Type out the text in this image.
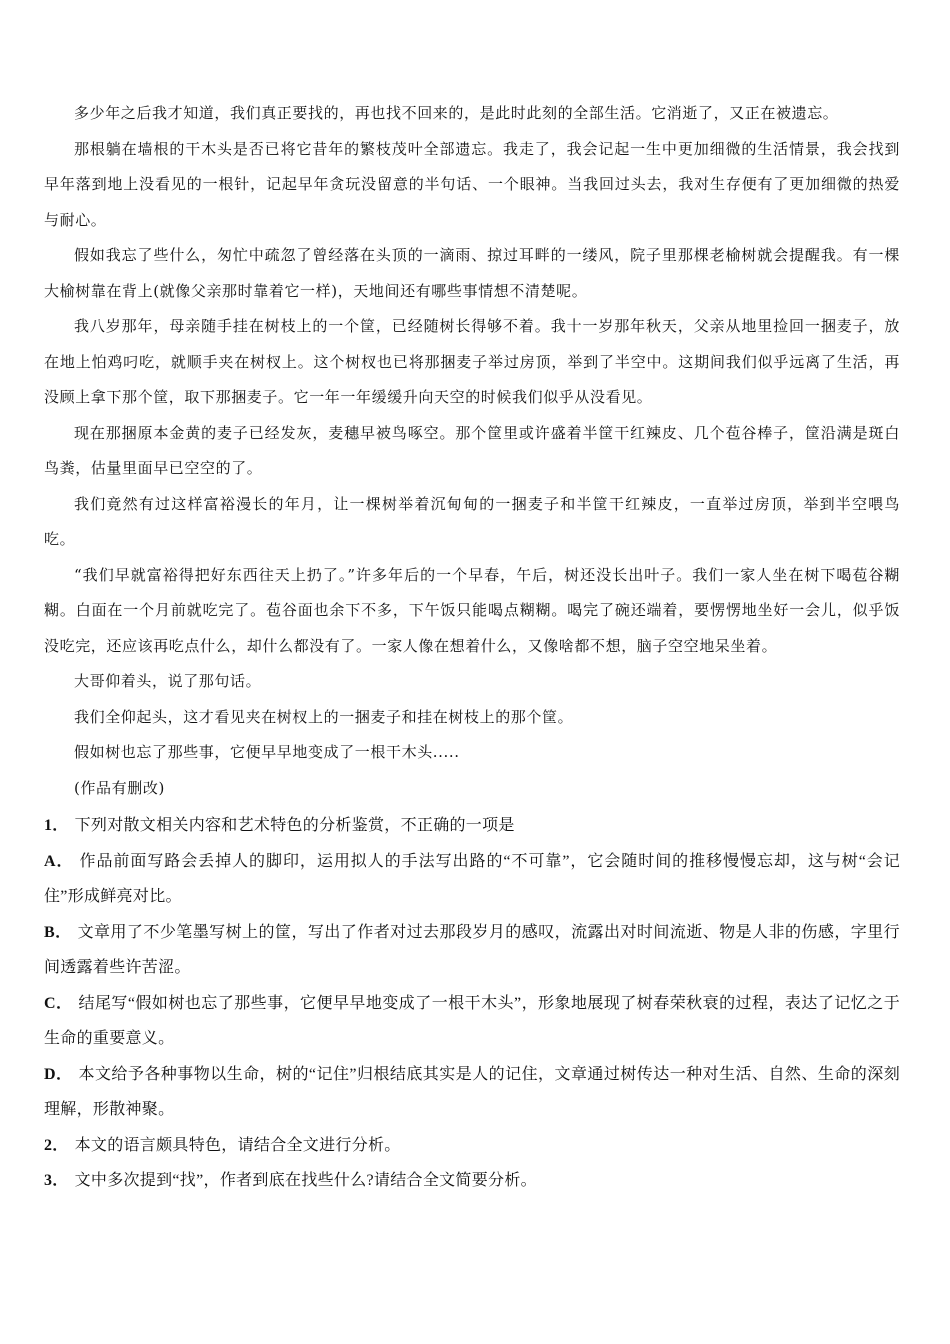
多少年之后我才知道，我们真正要找的，再也找不回来的，是此时此刻的全部生活。它消逝了，又正在被遗忘。

那根躺在墙根的干木头是否已将它昔年的繁枝茂叶全部遗忘。我走了，我会记起一生中更加细微的生活情景，我会找到早年落到地上没看见的一根针，记起早年贪玩没留意的半句话、一个眼神。当我回过头去，我对生存便有了更加细微的热爱与耐心。

假如我忘了些什么，匆忙中疏忽了曾经落在头顶的一滴雨、掠过耳畔的一缕风，院子里那棵老榆树就会提醒我。有一棵大榆树靠在背上(就像父亲那时靠着它一样)，天地间还有哪些事情想不清楚呢。

我八岁那年，母亲随手挂在树枝上的一个筐，已经随树长得够不着。我十一岁那年秋天，父亲从地里捡回一捆麦子，放在地上怕鸡叼吃，就顺手夹在树杈上。这个树杈也已将那捆麦子举过房顶，举到了半空中。这期间我们似乎远离了生活，再没顾上拿下那个筐，取下那捆麦子。它一年一年缓缓升向天空的时候我们似乎从没看见。

现在那捆原本金黄的麦子已经发灰，麦穗早被鸟啄空。那个筐里或许盛着半筐干红辣皮、几个苞谷棒子，筐沿满是斑白鸟粪，估量里面早已空空的了。

我们竟然有过这样富裕漫长的年月，让一棵树举着沉甸甸的一捆麦子和半筐干红辣皮，一直举过房顶，举到半空喂鸟吃。

“我们早就富裕得把好东西往天上扔了。”许多年后的一个早春，午后，树还没长出叶子。我们一家人坐在树下喝苞谷糊糊。白面在一个月前就吃完了。苞谷面也余下不多，下午饭只能喝点糊糊。喝完了碗还端着，要愣愣地坐好一会儿，似乎饭没吃完，还应该再吃点什么，却什么都没有了。一家人像在想着什么，又像啥都不想，脑子空空地呆坐着。

大哥仰着头，说了那句话。

我们全仰起头，这才看见夹在树杈上的一捆麦子和挂在树枝上的那个筐。

假如树也忘了那些事，它便早早地变成了一根干木头.....

(作品有删改)

1． 下列对散文相关内容和艺术特色的分析鉴赏，不正确的一项是

A． 作品前面写路会丢掉人的脚印，运用拟人的手法写出路的“不可靠”，它会随时间的推移慢慢忘却，这与树“会记住”形成鲜亮对比。

B． 文章用了不少笔墨写树上的筐，写出了作者对过去那段岁月的感叹，流露出对时间流逝、物是人非的伤感，字里行间透露着些许苦涩。

C． 结尾写“假如树也忘了那些事，它便早早地变成了一根干木头”，形象地展现了树春荣秋衰的过程，表达了记忆之于生命的重要意义。

D． 本文给予各种事物以生命，树的“记住”归根结底其实是人的记住，文章通过树传达一种对生活、自然、生命的深刻理解，形散神聚。

2． 本文的语言颇具特色，请结合全文进行分析。

3． 文中多次提到“找”，作者到底在找些什么?请结合全文简要分析。
